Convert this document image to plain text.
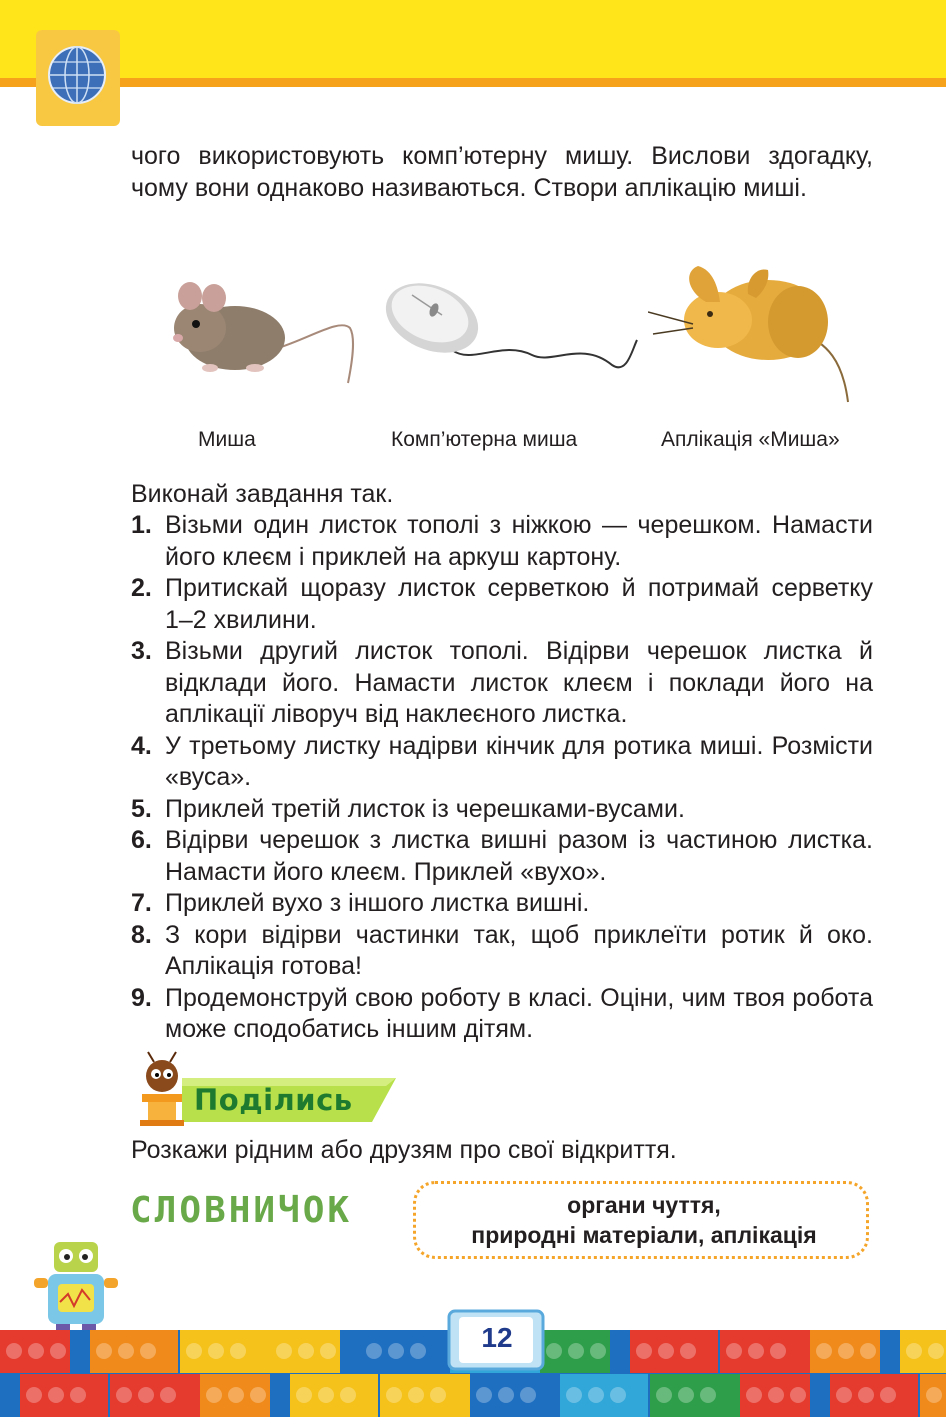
чого використовують комп’ютерну мишу. Вислови здогадку, чому вони однаково називаються. Створи аплікацію миші.

Миша	Комп’ютерна миша	Аплікація «Миша»

Виконай завдання так.

1. Візьми один листок тополі з ніжкою — черешком. Намасти його клеєм і приклей на аркуш картону.
2. Притискай щоразу листок серветкою й потримай серветку 1–2 хвилини.
3. Візьми другий листок тополі. Відірви черешок листка й відклади його. Намасти листок клеєм і поклади його на аплікації ліворуч від наклеєного листка.
4. У третьому листку надірви кінчик для ротика миші. Розмісти «вуса».
5. Приклей третій листок із черешками-вусами.
6. Відірви черешок з листка вишні разом із частиною листка. Намасти його клеєм. Приклей «вухо».
7. Приклей вухо з іншого листка вишні.
8. З кори відірви частинки так, щоб приклеїти ротик й око. Аплікація готова!
9. Продемонструй свою роботу в класі. Оціни, чим твоя робота може сподобатись іншим дітям.
Поділись

Розкажи рідним або друзям про свої відкриття.

СЛОВНИЧОК	органи чуття,
природні матеріали, аплікація
12
